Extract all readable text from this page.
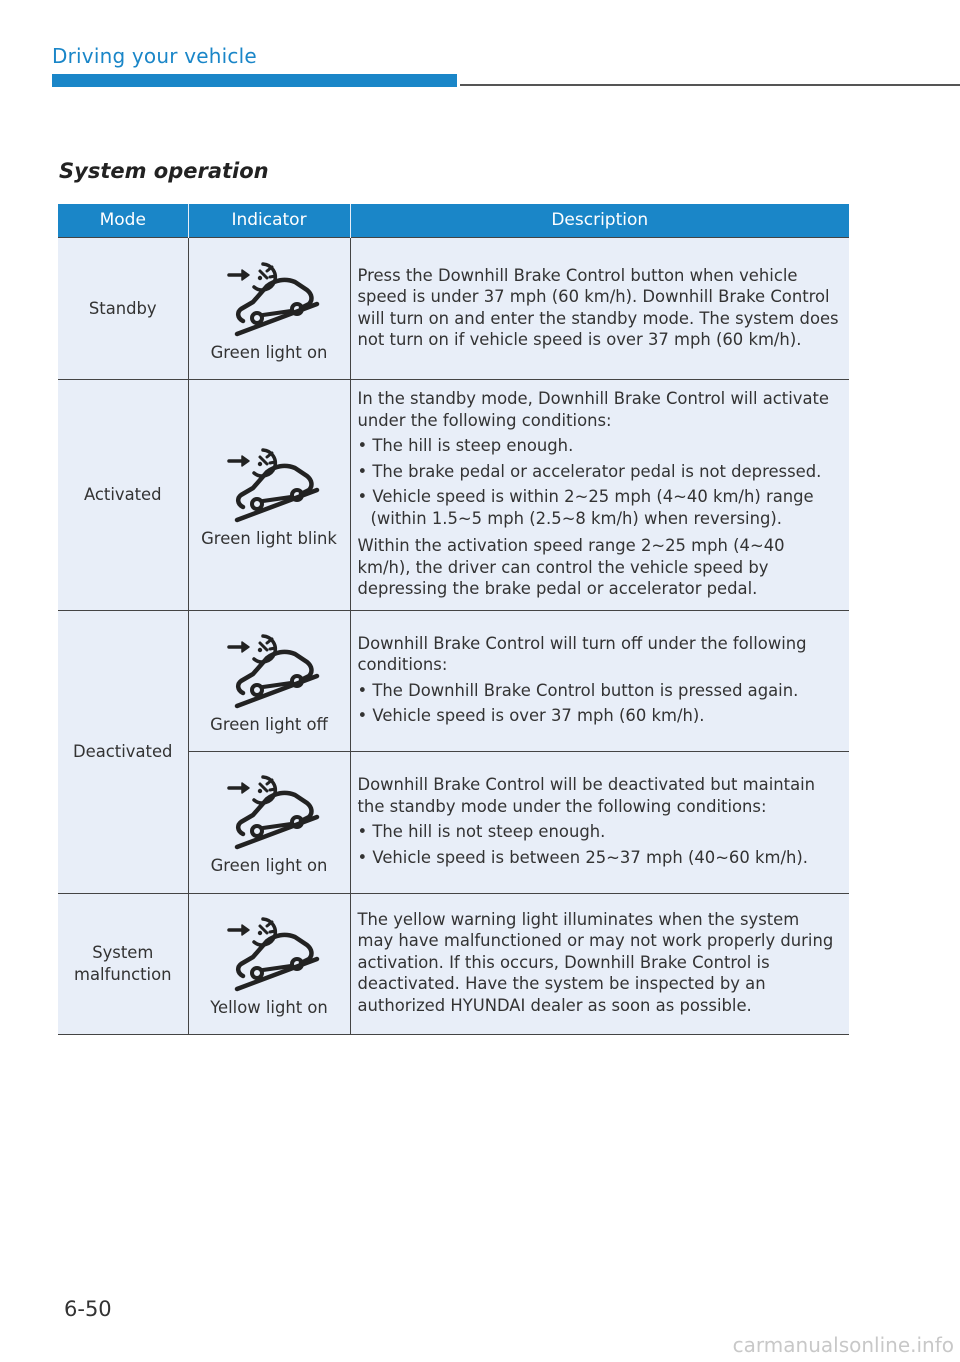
Driving your vehicle
System operation
Mode	Indicator	Description
Standby	Green light on	Press the Downhill Brake Control button when vehicle speed is under 37 mph (60 km/h). Downhill Brake Control will turn on and enter the standby mode. The system does not turn on if vehicle speed is over 37 mph (60 km/h).

Activated	Green light blink	In the standby mode, Downhill Brake Control will activate under the following conditions:

• The hill is steep enough.

• The brake pedal or accelerator pedal is not depressed.

• Vehicle speed is within 2~25 mph (4~40 km/h) range (within 1.5~5 mph (2.5~8 km/h) when reversing).

Within the activation speed range 2~25 mph (4~40 km/h), the driver can control the vehicle speed by depressing the brake pedal or accelerator pedal.

Deactivated	Green light off	Downhill Brake Control will turn off under the following conditions:

• The Downhill Brake Control button is pressed again.

• Vehicle speed is over 37 mph (60 km/h).

	Green light on	Downhill Brake Control will be deactivated but maintain the standby mode under the following conditions:

• The hill is not steep enough.

• Vehicle speed is between 25~37 mph (40~60 km/h).

System malfunction	Yellow light on	The yellow warning light illuminates when the system may have malfunctioned or may not work properly during activation. If this occurs, Downhill Brake Control is deactivated. Have the system be inspected by an authorized HYUNDAI dealer as soon as possible.

6-50
carmanualsonline.info
